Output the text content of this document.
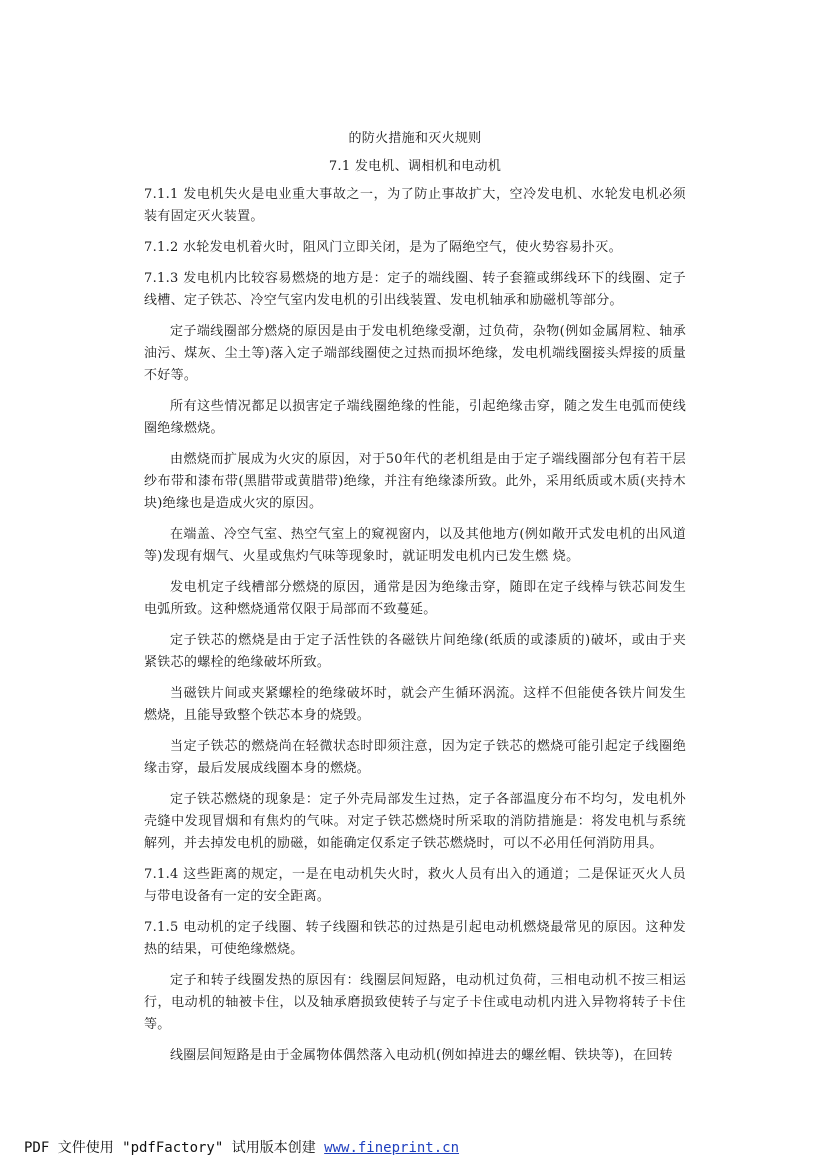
的防火措施和灭火规则

7.1 发电机、调相机和电动机

7.1.1 发电机失火是电业重大事故之一，为了防止事故扩大，空冷发电机、水轮发电机必须装有固定灭火装置。

7.1.2 水轮发电机着火时，阻风门立即关闭，是为了隔绝空气，使火势容易扑灭。

7.1.3 发电机内比较容易燃烧的地方是：定子的端线圈、转子套箍或绑线环下的线圈、定子线槽、定子铁芯、冷空气室内发电机的引出线装置、发电机轴承和励磁机等部分。

定子端线圈部分燃烧的原因是由于发电机绝缘受潮，过负荷，杂物(例如金属屑粒、轴承油污、煤灰、尘土等)落入定子端部线圈使之过热而损坏绝缘，发电机端线圈接头焊接的质量不好等。

所有这些情况都足以损害定子端线圈绝缘的性能，引起绝缘击穿，随之发生电弧而使线圈绝缘燃烧。

由燃烧而扩展成为火灾的原因，对于50年代的老机组是由于定子端线圈部分包有若干层纱布带和漆布带(黑腊带或黄腊带)绝缘，并注有绝缘漆所致。此外，采用纸质或木质(夹持木块)绝缘也是造成火灾的原因。

在端盖、冷空气室、热空气室上的窥视窗内，以及其他地方(例如敞开式发电机的出风道等)发现有烟气、火星或焦灼气味等现象时，就证明发电机内已发生燃 烧。

发电机定子线槽部分燃烧的原因，通常是因为绝缘击穿，随即在定子线棒与铁芯间发生电弧所致。这种燃烧通常仅限于局部而不致蔓延。

定子铁芯的燃烧是由于定子活性铁的各磁铁片间绝缘(纸质的或漆质的)破坏，或由于夹紧铁芯的螺栓的绝缘破坏所致。

当磁铁片间或夹紧螺栓的绝缘破坏时，就会产生循环涡流。这样不但能使各铁片间发生燃烧，且能导致整个铁芯本身的烧毁。

当定子铁芯的燃烧尚在轻微状态时即须注意，因为定子铁芯的燃烧可能引起定子线圈绝缘击穿，最后发展成线圈本身的燃烧。

定子铁芯燃烧的现象是：定子外壳局部发生过热，定子各部温度分布不均匀，发电机外壳缝中发现冒烟和有焦灼的气味。对定子铁芯燃烧时所采取的消防措施是：将发电机与系统解列，并去掉发电机的励磁，如能确定仅系定子铁芯燃烧时，可以不必用任何消防用具。

7.1.4 这些距离的规定，一是在电动机失火时，救火人员有出入的通道；二是保证灭火人员与带电设备有一定的安全距离。

7.1.5 电动机的定子线圈、转子线圈和铁芯的过热是引起电动机燃烧最常见的原因。这种发热的结果，可使绝缘燃烧。

定子和转子线圈发热的原因有：线圈层间短路，电动机过负荷，三相电动机不按三相运行，电动机的轴被卡住，以及轴承磨损致使转子与定子卡住或电动机内进入异物将转子卡住等。

线圈层间短路是由于金属物体偶然落入电动机(例如掉进去的螺丝帽、铁块等)，在回转

PDF 文件使用 "pdfFactory" 试用版本创建 www.fineprint.cn
